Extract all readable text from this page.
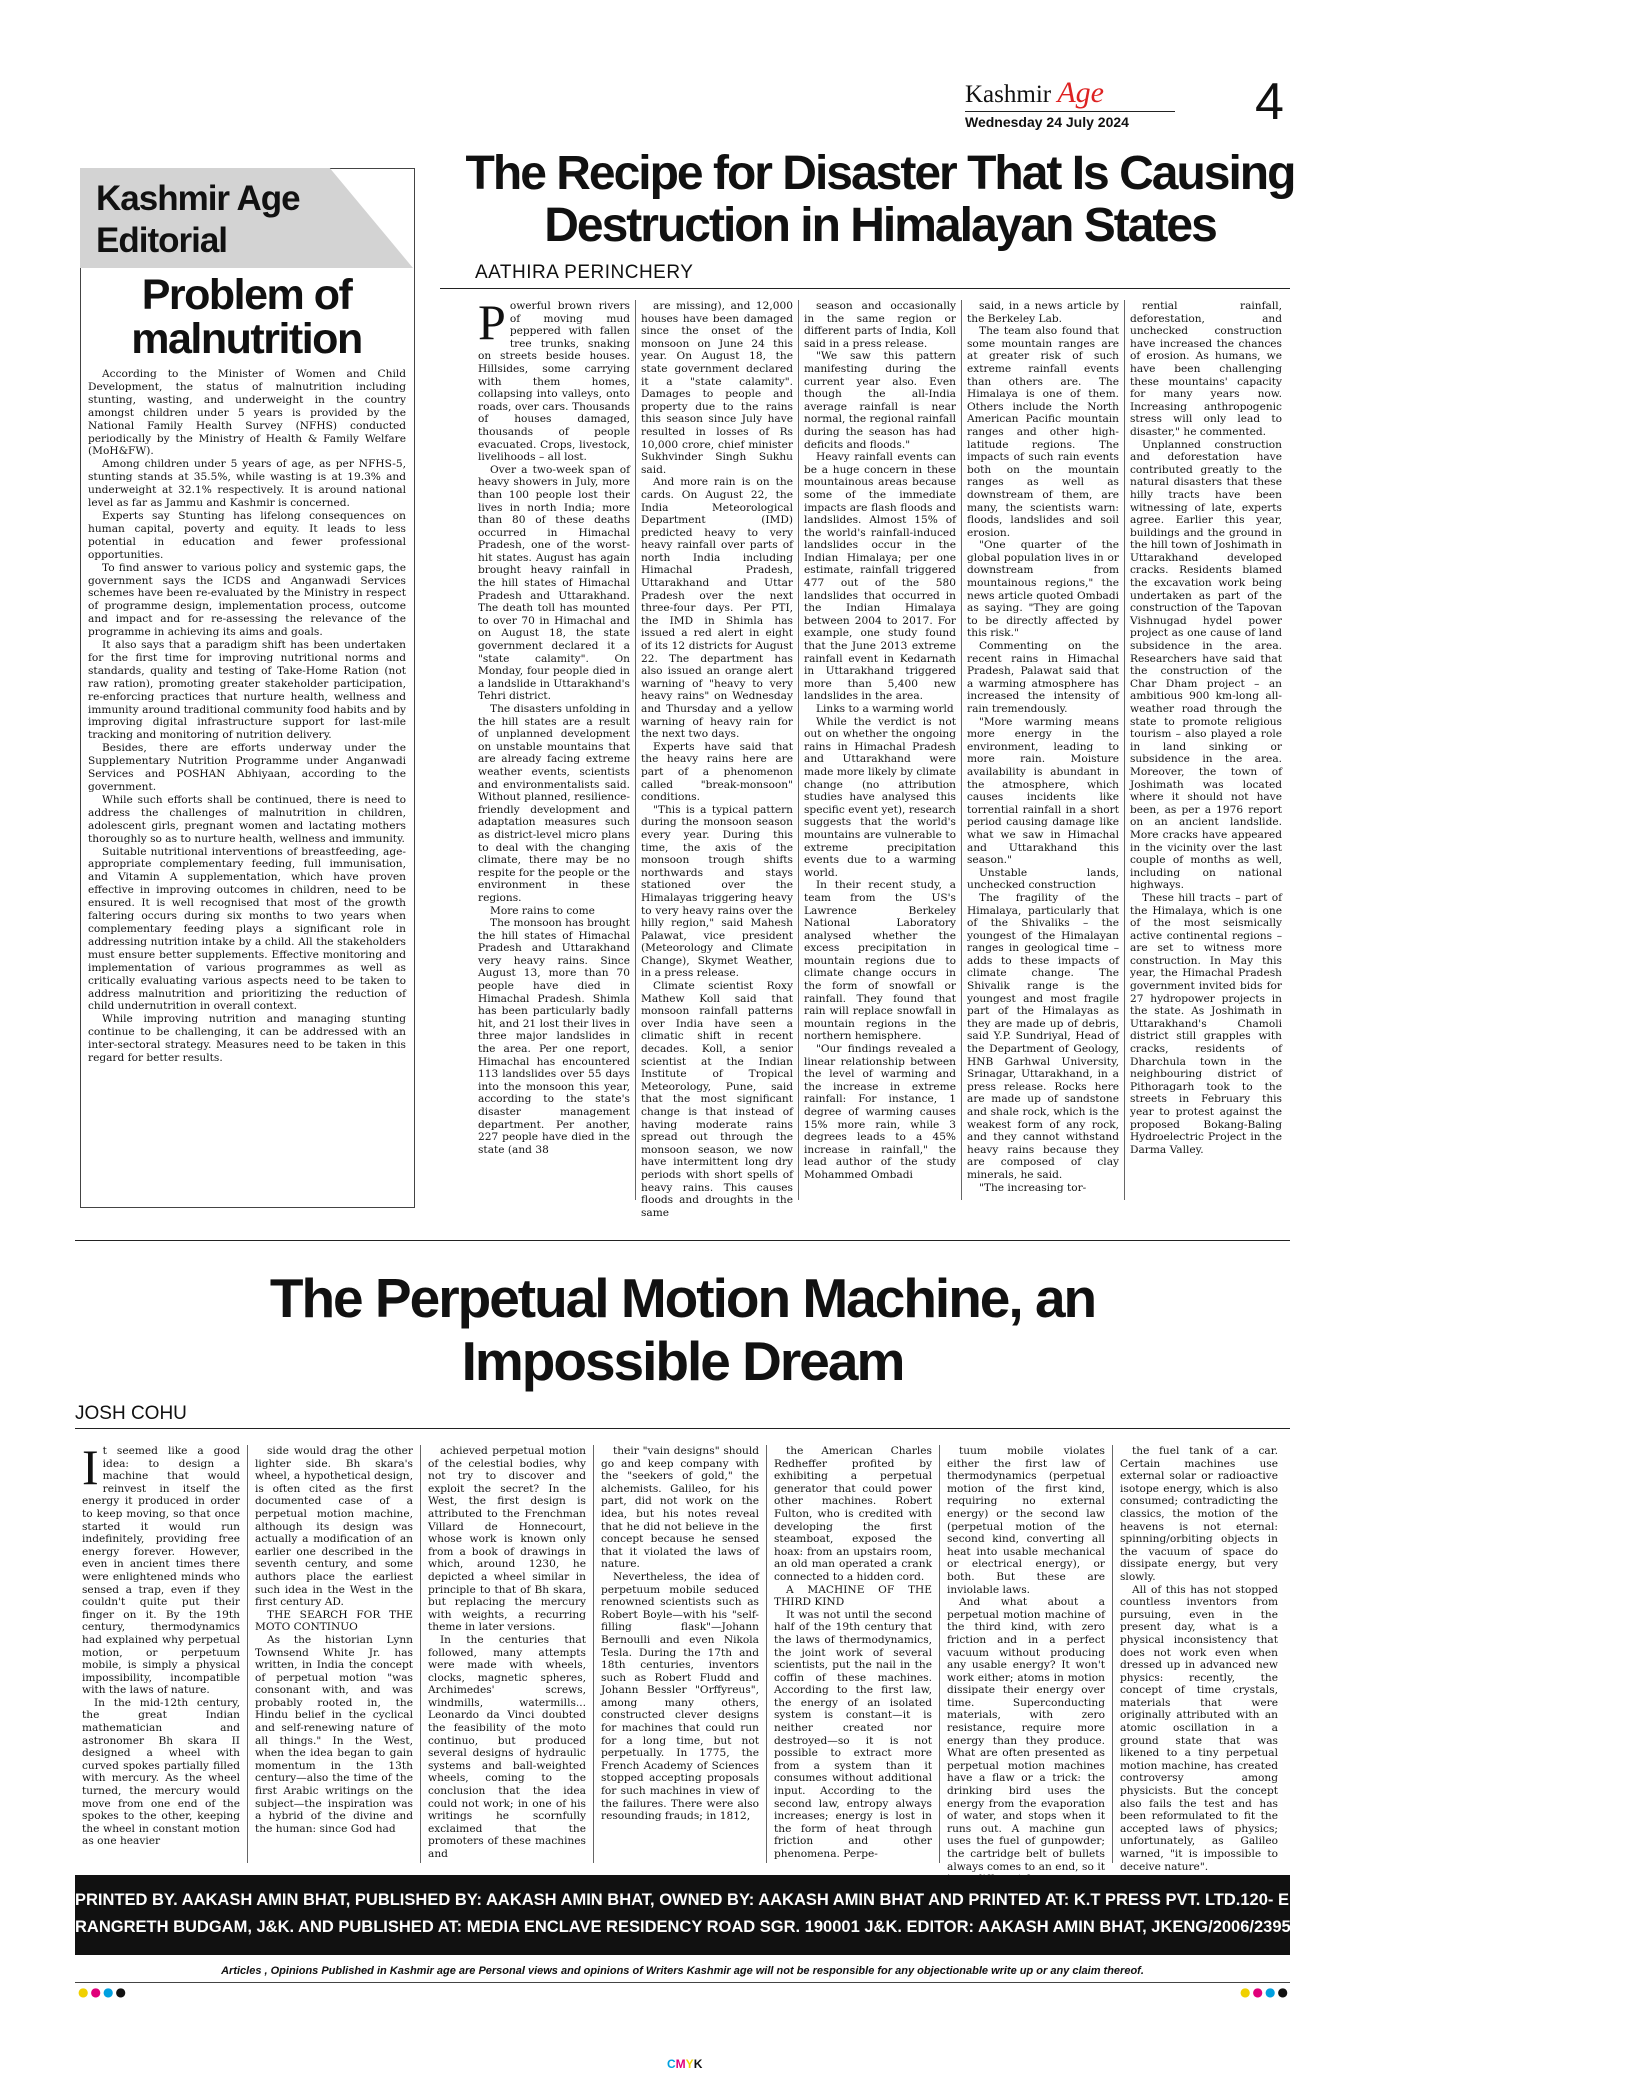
Kashmir Age
Wednesday 24 July 2024	4
Kashmir Age
Editorial
Problem of
malnutrition

According to the Minister of Women and Child Development, the status of malnutrition including stunting, wasting, and underweight in the country amongst children under 5 years is provided by the National Family Health Survey (NFHS) conducted periodically by the Ministry of Health & Family Welfare (MoH&FW).

Among children under 5 years of age, as per NFHS-5, stunting stands at 35.5%, while wasting is at 19.3% and underweight at 32.1% respectively. It is around national level as far as Jammu and Kashmir is concerned.

Experts say Stunting has lifelong consequences on human capital, poverty and equity. It leads to less potential in education and fewer professional opportunities.

To find answer to various policy and systemic gaps, the government says the ICDS and Anganwadi Services schemes have been re-evaluated by the Ministry in respect of programme design, implementation process, outcome and impact and for re-assessing the relevance of the programme in achieving its aims and goals.

It also says that a paradigm shift has been undertaken for the first time for improving nutritional norms and standards, quality and testing of Take-Home Ration (not raw ration), promoting greater stakeholder participation, re-enforcing practices that nurture health, wellness and immunity around traditional community food habits and by improving digital infrastructure support for last-mile tracking and monitoring of nutrition delivery.

Besides, there are efforts underway under the Supplementary Nutrition Programme under Anganwadi Services and POSHAN Abhiyaan, according to the government.

While such efforts shall be continued, there is need to address the challenges of malnutrition in children, adolescent girls, pregnant women and lactating mothers thoroughly so as to nurture health, wellness and immunity.

Suitable nutritional interventions of breastfeeding, age-appropriate complementary feeding, full immunisation, and Vitamin A supplementation, which have proven effective in improving outcomes in children, need to be ensured. It is well recognised that most of the growth faltering occurs during six months to two years when complementary feeding plays a significant role in addressing nutrition intake by a child. All the stakeholders must ensure better supplements. Effective monitoring and implementation of various programmes as well as critically evaluating various aspects need to be taken to address malnutrition and prioritizing the reduction of child undernutrition in overall context.

While improving nutrition and managing stunting continue to be challenging, it can be addressed with an inter-sectoral strategy. Measures need to be taken in this regard for better results.

The Recipe for Disaster That Is Causing Destruction in Himalayan States
AATHIRA PERINCHERY

Powerful brown rivers of moving mud peppered with fallen tree trunks, snaking on streets beside houses. Hillsides, some carrying with them homes, collapsing into valleys, onto roads, over cars. Thousands of houses damaged, thousands of people evacuated. Crops, livestock, livelihoods – all lost.

Over a two-week span of heavy showers in July, more than 100 people lost their lives in north India; more than 80 of these deaths occurred in Himachal Pradesh, one of the worst-hit states. August has again brought heavy rainfall in the hill states of Himachal Pradesh and Uttarakhand. The death toll has mounted to over 70 in Himachal and on August 18, the state government declared it a "state calamity". On Monday, four people died in a landslide in Uttarakhand's Tehri district.

The disasters unfolding in the hill states are a result of unplanned development on unstable mountains that are already facing extreme weather events, scientists and environmentalists said. Without planned, resilience-friendly development and adaptation measures such as district-level micro plans to deal with the changing climate, there may be no respite for the people or the environment in these regions.

More rains to come

The monsoon has brought the hill states of Himachal Pradesh and Uttarakhand very heavy rains. Since August 13, more than 70 people have died in Himachal Pradesh. Shimla has been particularly badly hit, and 21 lost their lives in three major landslides in the area. Per one report, Himachal has encountered 113 landslides over 55 days into the monsoon this year, according to the state's disaster management department. Per another, 227 people have died in the state (and 38

are missing), and 12,000 houses have been damaged since the onset of the monsoon on June 24 this year. On August 18, the state government declared it a "state calamity". Damages to people and property due to the rains this season since July have resulted in losses of Rs 10,000 crore, chief minister Sukhvinder Singh Sukhu said.

And more rain is on the cards. On August 22, the India Meteorological Department (IMD) predicted heavy to very heavy rainfall over parts of north India including Himachal Pradesh, Uttarakhand and Uttar Pradesh over the next three-four days. Per PTI, the IMD in Shimla has issued a red alert in eight of its 12 districts for August 22. The department has also issued an orange alert warning of "heavy to very heavy rains" on Wednesday and Thursday and a yellow warning of heavy rain for the next two days.

Experts have said that the heavy rains here are part of a phenomenon called "break-monsoon" conditions.

"This is a typical pattern during the monsoon season every year. During this time, the axis of the monsoon trough shifts northwards and stays stationed over the Himalayas triggering heavy to very heavy rains over the hilly region," said Mahesh Palawat, vice president (Meteorology and Climate Change), Skymet Weather, in a press release.

Climate scientist Roxy Mathew Koll said that monsoon rainfall patterns over India have seen a climatic shift in recent decades. Koll, a senior scientist at the Indian Institute of Tropical Meteorology, Pune, said that the most significant change is that instead of having moderate rains spread out through the monsoon season, we now have intermittent long dry periods with short spells of heavy rains. This causes floods and droughts in the same

season and occasionally in the same region or different parts of India, Koll said in a press release.

"We saw this pattern manifesting during the current year also. Even though the all-India average rainfall is near normal, the regional rainfall during the season has had deficits and floods."

Heavy rainfall events can be a huge concern in these mountainous areas because some of the immediate impacts are flash floods and landslides. Almost 15% of the world's rainfall-induced landslides occur in the Indian Himalaya; per one estimate, rainfall triggered 477 out of the 580 landslides that occurred in the Indian Himalaya between 2004 to 2017. For example, one study found that the June 2013 extreme rainfall event in Kedarnath in Uttarakhand triggered more than 5,400 new landslides in the area.

Links to a warming world

While the verdict is not out on whether the ongoing rains in Himachal Pradesh and Uttarakhand were made more likely by climate change (no attribution studies have analysed this specific event yet), research suggests that the world's mountains are vulnerable to extreme precipitation events due to a warming world.

In their recent study, a team from the US's Lawrence Berkeley National Laboratory analysed whether the excess precipitation in mountain regions due to climate change occurs in the form of snowfall or rainfall. They found that rain will replace snowfall in mountain regions in the northern hemisphere.

"Our findings revealed a linear relationship between the level of warming and the increase in extreme rainfall: For instance, 1 degree of warming causes 15% more rain, while 3 degrees leads to a 45% increase in rainfall," the lead author of the study Mohammed Ombadi

said, in a news article by the Berkeley Lab.

The team also found that some mountain ranges are at greater risk of such extreme rainfall events than others are. The Himalaya is one of them. Others include the North American Pacific mountain ranges and other high-latitude regions. The impacts of such rain events both on the mountain ranges as well as downstream of them, are many, the scientists warn: floods, landslides and soil erosion.

"One quarter of the global population lives in or downstream from mountainous regions," the news article quoted Ombadi as saying. "They are going to be directly affected by this risk."

Commenting on the recent rains in Himachal Pradesh, Palawat said that a warming atmosphere has increased the intensity of rain tremendously.

"More warming means more energy in the environment, leading to more rain. Moisture availability is abundant in the atmosphere, which causes incidents like torrential rainfall in a short period causing damage like what we saw in Himachal and Uttarakhand this season."

Unstable lands, unchecked construction

The fragility of the Himalaya, particularly that of the Shivaliks – the youngest of the Himalayan ranges in geological time – adds to these impacts of climate change. The Shivalik range is the youngest and most fragile part of the Himalayas as they are made up of debris, said Y.P. Sundriyal, Head of the Department of Geology, HNB Garhwal University, Srinagar, Uttarakhand, in a press release. Rocks here are made up of sandstone and shale rock, which is the weakest form of any rock, and they cannot withstand heavy rains because they are composed of clay minerals, he said.

"The increasing tor-

rential rainfall, deforestation, and unchecked construction have increased the chances of erosion. As humans, we have been challenging these mountains' capacity for many years now. Increasing anthropogenic stress will only lead to disaster," he commented.

Unplanned construction and deforestation have contributed greatly to the natural disasters that these hilly tracts have been witnessing of late, experts agree. Earlier this year, buildings and the ground in the hill town of Joshimath in Uttarakhand developed cracks. Residents blamed the excavation work being undertaken as part of the construction of the Tapovan Vishnugad hydel power project as one cause of land subsidence in the area. Researchers have said that the construction of the Char Dham project – an ambitious 900 km-long all-weather road through the state to promote religious tourism – also played a role in land sinking or subsidence in the area. Moreover, the town of Joshimath was located where it should not have been, as per a 1976 report on an ancient landslide. More cracks have appeared in the vicinity over the last couple of months as well, including on national highways.

These hill tracts – part of the Himalaya, which is one of the most seismically active continental regions – are set to witness more construction. In May this year, the Himachal Pradesh government invited bids for 27 hydropower projects in the state. As Joshimath in Uttarakhand's Chamoli district still grapples with cracks, residents of Dharchula town in the neighbouring district of Pithoragarh took to the streets in February this year to protest against the proposed Bokang-Baling Hydroelectric Project in the Darma Valley.

The Perpetual Motion Machine, an Impossible Dream
JOSH COHU

It seemed like a good idea: to design a machine that would reinvest in itself the energy it produced in order to keep moving, so that once started it would run indefinitely, providing free energy forever. However, even in ancient times there were enlightened minds who sensed a trap, even if they couldn't quite put their finger on it. By the 19th century, thermodynamics had explained why perpetual motion, or perpetuum mobile, is simply a physical impossibility, incompatible with the laws of nature.

In the mid-12th century, the great Indian mathematician and astronomer Bh skara II designed a wheel with curved spokes partially filled with mercury. As the wheel turned, the mercury would move from one end of the spokes to the other, keeping the wheel in constant motion as one heavier

side would drag the other lighter side. Bh skara's wheel, a hypothetical design, is often cited as the first documented case of a perpetual motion machine, although its design was actually a modification of an earlier one described in the seventh century, and some authors place the earliest such idea in the West in the first century AD.

THE SEARCH FOR THE MOTO CONTINUO

As the historian Lynn Townsend White Jr. has written, in India the concept of perpetual motion "was consonant with, and was probably rooted in, the Hindu belief in the cyclical and self-renewing nature of all things." In the West, when the idea began to gain momentum in the 13th century—also the time of the first Arabic writings on the subject—the inspiration was a hybrid of the divine and the human: since God had

achieved perpetual motion of the celestial bodies, why not try to discover and exploit the secret? In the West, the first design is attributed to the Frenchman Villard de Honnecourt, whose work is known only from a book of drawings in which, around 1230, he depicted a wheel similar in principle to that of Bh skara, but replacing the mercury with weights, a recurring theme in later versions.

In the centuries that followed, many attempts were made with wheels, clocks, magnetic spheres, Archimedes' screws, windmills, watermills... Leonardo da Vinci doubted the feasibility of the moto continuo, but produced several designs of hydraulic systems and ball-weighted wheels, coming to the conclusion that the idea could not work; in one of his writings he scornfully exclaimed that the promoters of these machines and

their "vain designs" should go and keep company with the "seekers of gold," the alchemists. Galileo, for his part, did not work on the idea, but his notes reveal that he did not believe in the concept because he sensed that it violated the laws of nature.

Nevertheless, the idea of perpetuum mobile seduced renowned scientists such as Robert Boyle—with his "self-filling flask"—Johann Bernoulli and even Nikola Tesla. During the 17th and 18th centuries, inventors such as Robert Fludd and Johann Bessler "Orffyreus", among many others, constructed clever designs for machines that could run for a long time, but not perpetually. In 1775, the French Academy of Sciences stopped accepting proposals for such machines in view of the failures. There were also resounding frauds; in 1812,

the American Charles Redheffer profited by exhibiting a perpetual generator that could power other machines. Robert Fulton, who is credited with developing the first steamboat, exposed the hoax: from an upstairs room, an old man operated a crank connected to a hidden cord.

A MACHINE OF THE THIRD KIND

It was not until the second half of the 19th century that the laws of thermodynamics, the joint work of several scientists, put the nail in the coffin of these machines. According to the first law, the energy of an isolated system is constant—it is neither created nor destroyed—so it is not possible to extract more from a system than it consumes without additional input. According to the second law, entropy always increases; energy is lost in the form of heat through friction and other phenomena. Perpe-

tuum mobile violates either the first law of thermodynamics (perpetual motion of the first kind, requiring no external energy) or the second law (perpetual motion of the second kind, converting all heat into usable mechanical or electrical energy), or both. But these are inviolable laws.

And what about a perpetual motion machine of the third kind, with zero friction and in a perfect vacuum without producing any usable energy? It won't work either; atoms in motion dissipate their energy over time. Superconducting materials, with zero resistance, require more energy than they produce. What are often presented as perpetual motion machines have a flaw or a trick: the drinking bird uses the energy from the evaporation of water, and stops when it runs out. A machine gun uses the fuel of gunpowder; the cartridge belt of bullets always comes to an end, so it

the fuel tank of a car. Certain machines use external solar or radioactive isotope energy, which is also consumed; contradicting the classics, the motion of the heavens is not eternal: spinning/orbiting objects in the vacuum of space do dissipate energy, but very slowly.

All of this has not stopped countless inventors from pursuing, even in the present day, what is a physical inconsistency that does not work even when dressed up in advanced new physics: recently, the concept of time crystals, materials that were originally attributed with an atomic oscillation in a ground state that was likened to a tiny perpetual motion machine, has created controversy among physicists. But the concept also fails the test and has been reformulated to fit the accepted laws of physics; unfortunately, as Galileo warned, "it is impossible to deceive nature".

PRINTED BY. AAKASH AMIN BHAT, PUBLISHED BY: AAKASH AMIN BHAT, OWNED BY: AAKASH AMIN BHAT AND PRINTED AT: K.T PRESS PVT. LTD.120- ELECTRONIC COMPLEX INDUSTRIAL ESTATE
RANGRETH BUDGAM, J&K. AND PUBLISHED AT: MEDIA ENCLAVE RESIDENCY ROAD SGR. 190001 J&K. EDITOR: AAKASH AMIN BHAT, JKENG/2006/23952
Articles , Opinions Published in Kashmir age are Personal views and opinions of Writers Kashmir age will not be responsible for any objectionable write up or any claim thereof.
●●●●	●●●●
CMYK
